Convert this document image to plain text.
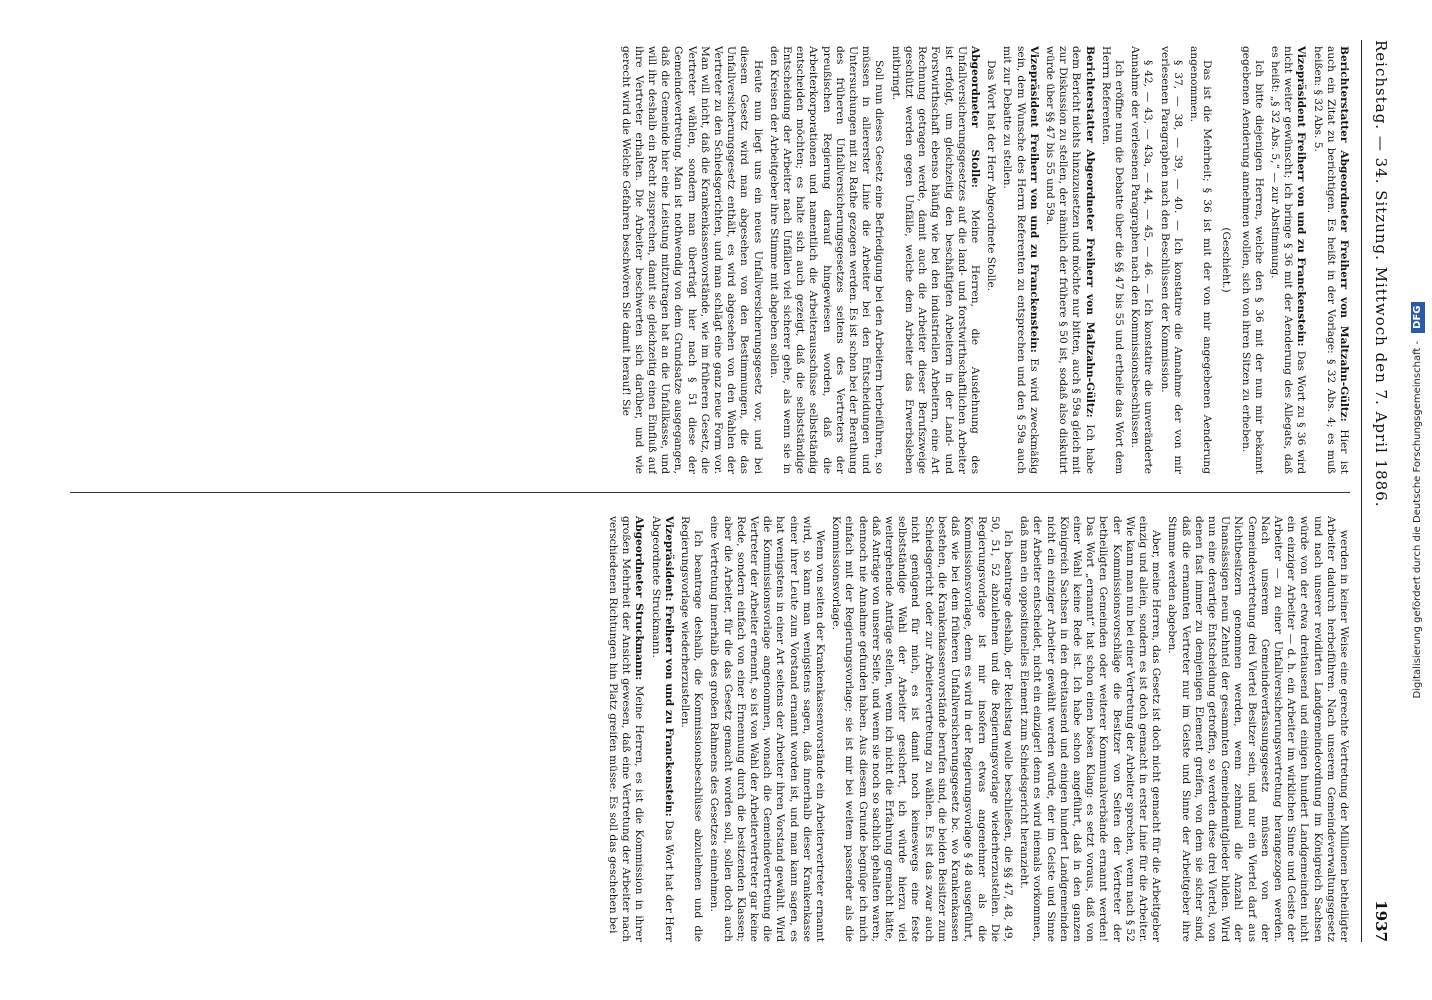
Reichstag. — 34. Sitzung. Mittwoch den 7. April 1886.
1937

Berichterstatter Abgeordneter Freiherr von Maltzahn-Gültz: Hier ist auch ein Zitat zu berichtigen. Es heißt in der Vorlage: § 32 Abs. 4; es muß heißen: § 32 Abs. 5.

Vizepräsident Freiherr von und zu Franckenstein: Das Wort zu § 36 wird nicht weiter gewünscht; ich bringe § 36 mit der Aenderung des Allegats, daß es heißt: „§ 32 Abs. 5,“ — zur Abstimmung.

Ich bitte diejenigen Herren, welche den § 36 mit der nun mir bekannt gegebenen Aenderung annehmen wollen, sich von ihren Sitzen zu erheben.

(Geschieht.)

Das ist die Mehrheit; § 36 ist mit der von mir angegebenen Aenderung angenommen.

§ 37, — 38, — 39, — 40. — Ich konstatire die Annahme der von mir verlesenen Paragraphen nach den Beschlüssen der Kommission.

§ 42, — 43, — 43a, — 44, — 45, — 46. — Ich konstatire die unveränderte Annahme der verlesenen Paragraphen nach den Kommissionsbeschlüssen.

Ich eröffne nun die Debatte über die §§ 47 bis 55 und ertheile das Wort dem Herrn Referenten.

Berichterstatter Abgeordneter Freiherr von Maltzahn-Gültz: Ich habe dem Bericht nichts hinzuzusetzen und möchte nur bitten, auch § 59a gleich mit zur Diskussion zu stellen, der nämlich der frühere § 50 ist, sodaß also diskutirt würde über §§ 47 bis 55 und 59a.

Vizepräsident Freiherr von und zu Franckenstein: Es wird zweckmäßig sein, dem Wunsche des Herrn Referenten zu entsprechen und den § 59a auch mit zur Debatte zu stellen.

Das Wort hat der Herr Abgeordnete Stolle.

Abgeordneter Stolle: Meine Herren, die Ausdehnung des Unfallversicherungsgesetzes auf die land- und forstwirthschaftlichen Arbeiter ist erfolgt, um gleichzeitig den beschäftigten Arbeitern in der Land- und Forstwirthschaft ebenso häufig wie bei den industriellen Arbeitern, eine Art Rechnung getragen werde, damit auch die Arbeiter dieser Berufszweige geschützt werden gegen Unfälle, welche dem Arbeiter das Erwerbsleben mitbringt.

Soll nun dieses Gesetz eine Befriedigung bei den Arbeitern herbeiführen, so müssen in allererster Linie die Arbeiter bei den Entscheidungen und Untersuchungen mit zu Rathe gezogen werden. Es ist schon bei der Berathung des früheren Unfallversicherungsgesetzes seitens des Vertreters der preußischen Regierung darauf hingewiesen worden, daß die Arbeiterkorporationen und namentlich die Arbeiterausschüsse selbstständig entscheiden möchten; es halte sich auch gezeigt, daß die selbstständige Entscheidung der Arbeiter nach Unfällen viel sicherer gehe, als wenn sie in den Kreisen der Arbeitgeber ihre Stimme mit abgeben sollen.

Heute nun liegt uns ein neues Unfallversicherungsgesetz vor, und bei diesem Gesetz wird man abgesehen von den Bestimmungen, die das Unfallversicherungsgesetz enthält, es wird abgesehen von den Wahlen der Vertreter zu den Schiedsgerichten, und man schlägt eine ganz neue Form vor. Man will nicht, daß die Krankenkassenvorstände, wie im früheren Gesetz, die Vertreter wählen, sondern man überträgt hier nach § 51 diese der Gemeindevertretung. Man ist nothwendig von dem Grundsatze ausgegangen, daß die Gemeinde hier eine Leistung mitzutragen hat an die Unfallkasse, und will ihr deshalb ein Recht zusprechen, damit sie gleichzeitig einen Einfluß auf ihre Vertreter erhalten. Die Arbeiter beschwerten sich darüber, und wie gerecht wird die Welche Gefahren beschwören Sie damit herauf! Sie

werden in keiner Weise eine gerechte Vertretung der Millionen betheiligter Arbeiter dadurch herbeiführen. Nach unserem Gemeindeverwaltungsgesetz und nach unserer revidirten Landgemeindeordnung im Königreich Sachsen würde von der etwa dreitausend und einigen hundert Landgemeinden nicht ein einziger Arbeiter — d. h. ein Arbeiter im wirklichen Sinne und Geiste der Arbeiter — zu einer Unfallversicherungsvertretung herangezogen werden. Nach unserem Gemeindeverfassungsgesetz müssen von der Gemeindevertretung drei Viertel Besitzer sein, und nur ein Viertel darf aus Nichtbesitzern genommen werden, wenn zehnmal die Anzahl der Unansässigen neun Zehntel der gesammten Gemeindemitglieder bilden. Wird nun eine derartige Entscheidung getroffen, so werden diese drei Viertel, von denen fast immer zu demjenigen Element greifen, von dem sie sicher sind, daß die ernannten Vertreter nur im Geiste und Sinne der Arbeitgeber ihre Stimme werden abgeben.

Aber, meine Herren, das Gesetz ist doch nicht gemacht für die Arbeitgeber einzig und allein, sondern es ist doch gemacht in erster Linie für die Arbeiter. Wie kann man nun bei einer Vertretung der Arbeiter sprechen, wenn nach § 52 der Kommissionsvorschläge die Besitzer von Seiten der Vertreter der betheiligten Gemeinden oder weiterer Kommunalverbände ernannt werden! Das Wort „ernannt“ hat schon einen bösen Klang: es setzt voraus, daß von einer Wahl keine Rede ist. Ich habe schon angeführt, daß in den ganzen Königreich Sachsen in den dreitausend und einigen hundert Landgemeinden nicht ein einziger Arbeiter gewählt werden würde, der im Geiste und Sinne der Arbeiter entscheidet, nicht ein einziger! denn es wird niemals vorkommen, daß man ein oppositionelles Element zum Schiedsgericht heranzieht.

Ich beantrage deshalb, der Reichstag wolle beschließen, die §§ 47, 48, 49, 50, 51, 52 abzulehnen und die Regierungsvorlage wiederherzustellen. Die Regierungsvorlage ist mir insofern etwas angenehmer als die Kommissionsvorlage, denn es wird in der Regierungsvorlage § 48 ausgeführt, daß wie bei dem früheren Unfallversicherungsgesetz bc. wo Krankenkassen bestehen, die Krankenkassenvorstände berufen sind, die beiden Beisitzer zum Schiedsgericht oder zur Arbeitervertretung zu wählen. Es ist das zwar auch nicht genügend für mich, es ist damit noch keineswegs eine feste selbstständige Wahl der Arbeiter gesichert, ich würde hierzu viel weitergehende Anträge stellen, wenn ich nicht die Erfahrung gemacht hätte, daß Anträge von unserer Seite, und wenn sie noch so sachlich gehalten waren, dennoch nie Annahme gefunden haben. Aus diesem Grunde begnüge ich mich einfach mit der Regierungsvorlage; sie ist mir bei weitem passender als die Kommissionsvorlage.

Wenn von seiten der Krankenkassenvorstände ein Arbeitervertreter ernannt wird, so kann man wenigstens sagen, daß innerhalb dieser Krankenkasse einer ihrer Leute zum Vorstand ernannt worden ist, und man kann sagen, es hat wenigstens in einer Art seitens der Arbeiter ihren Vorstand gewählt. Wird die Kommissionsvorlage angenommen, wonach die Gemeindevertretung die Vertreter der Arbeiter ernennt, so ist von Wahl der Arbeitervertreter gar keine Rede, sondern einfach von einer Ernennung durch die besitzenden Klassen; aber die Arbeiter, für die das Gesetz gemacht worden soll, sollen doch auch eine Vertretung innerhalb des großen Rahmens des Gesetzes einnehmen.

Ich beantrage deshalb, die Kommissionsbeschlüsse abzulehnen und die Regierungsvorlage wiederherzustellen.

Vizepräsident: Freiherr von und zu Franckenstein: Das Wort hat der Herr Abgeordnete Struckmann.

Abgeordneter Struckmann: Meine Herren, es ist die Kommission in ihrer großen Mehrheit der Ansicht gewesen, daß eine Vertretung der Arbeiter nach verschiedenen Richtungen hin Platz greifen müsse. Es soll das geschehen bei	Digitalisierung gefördert durch die Deutsche Forschungsgemeinschaft -DFG
